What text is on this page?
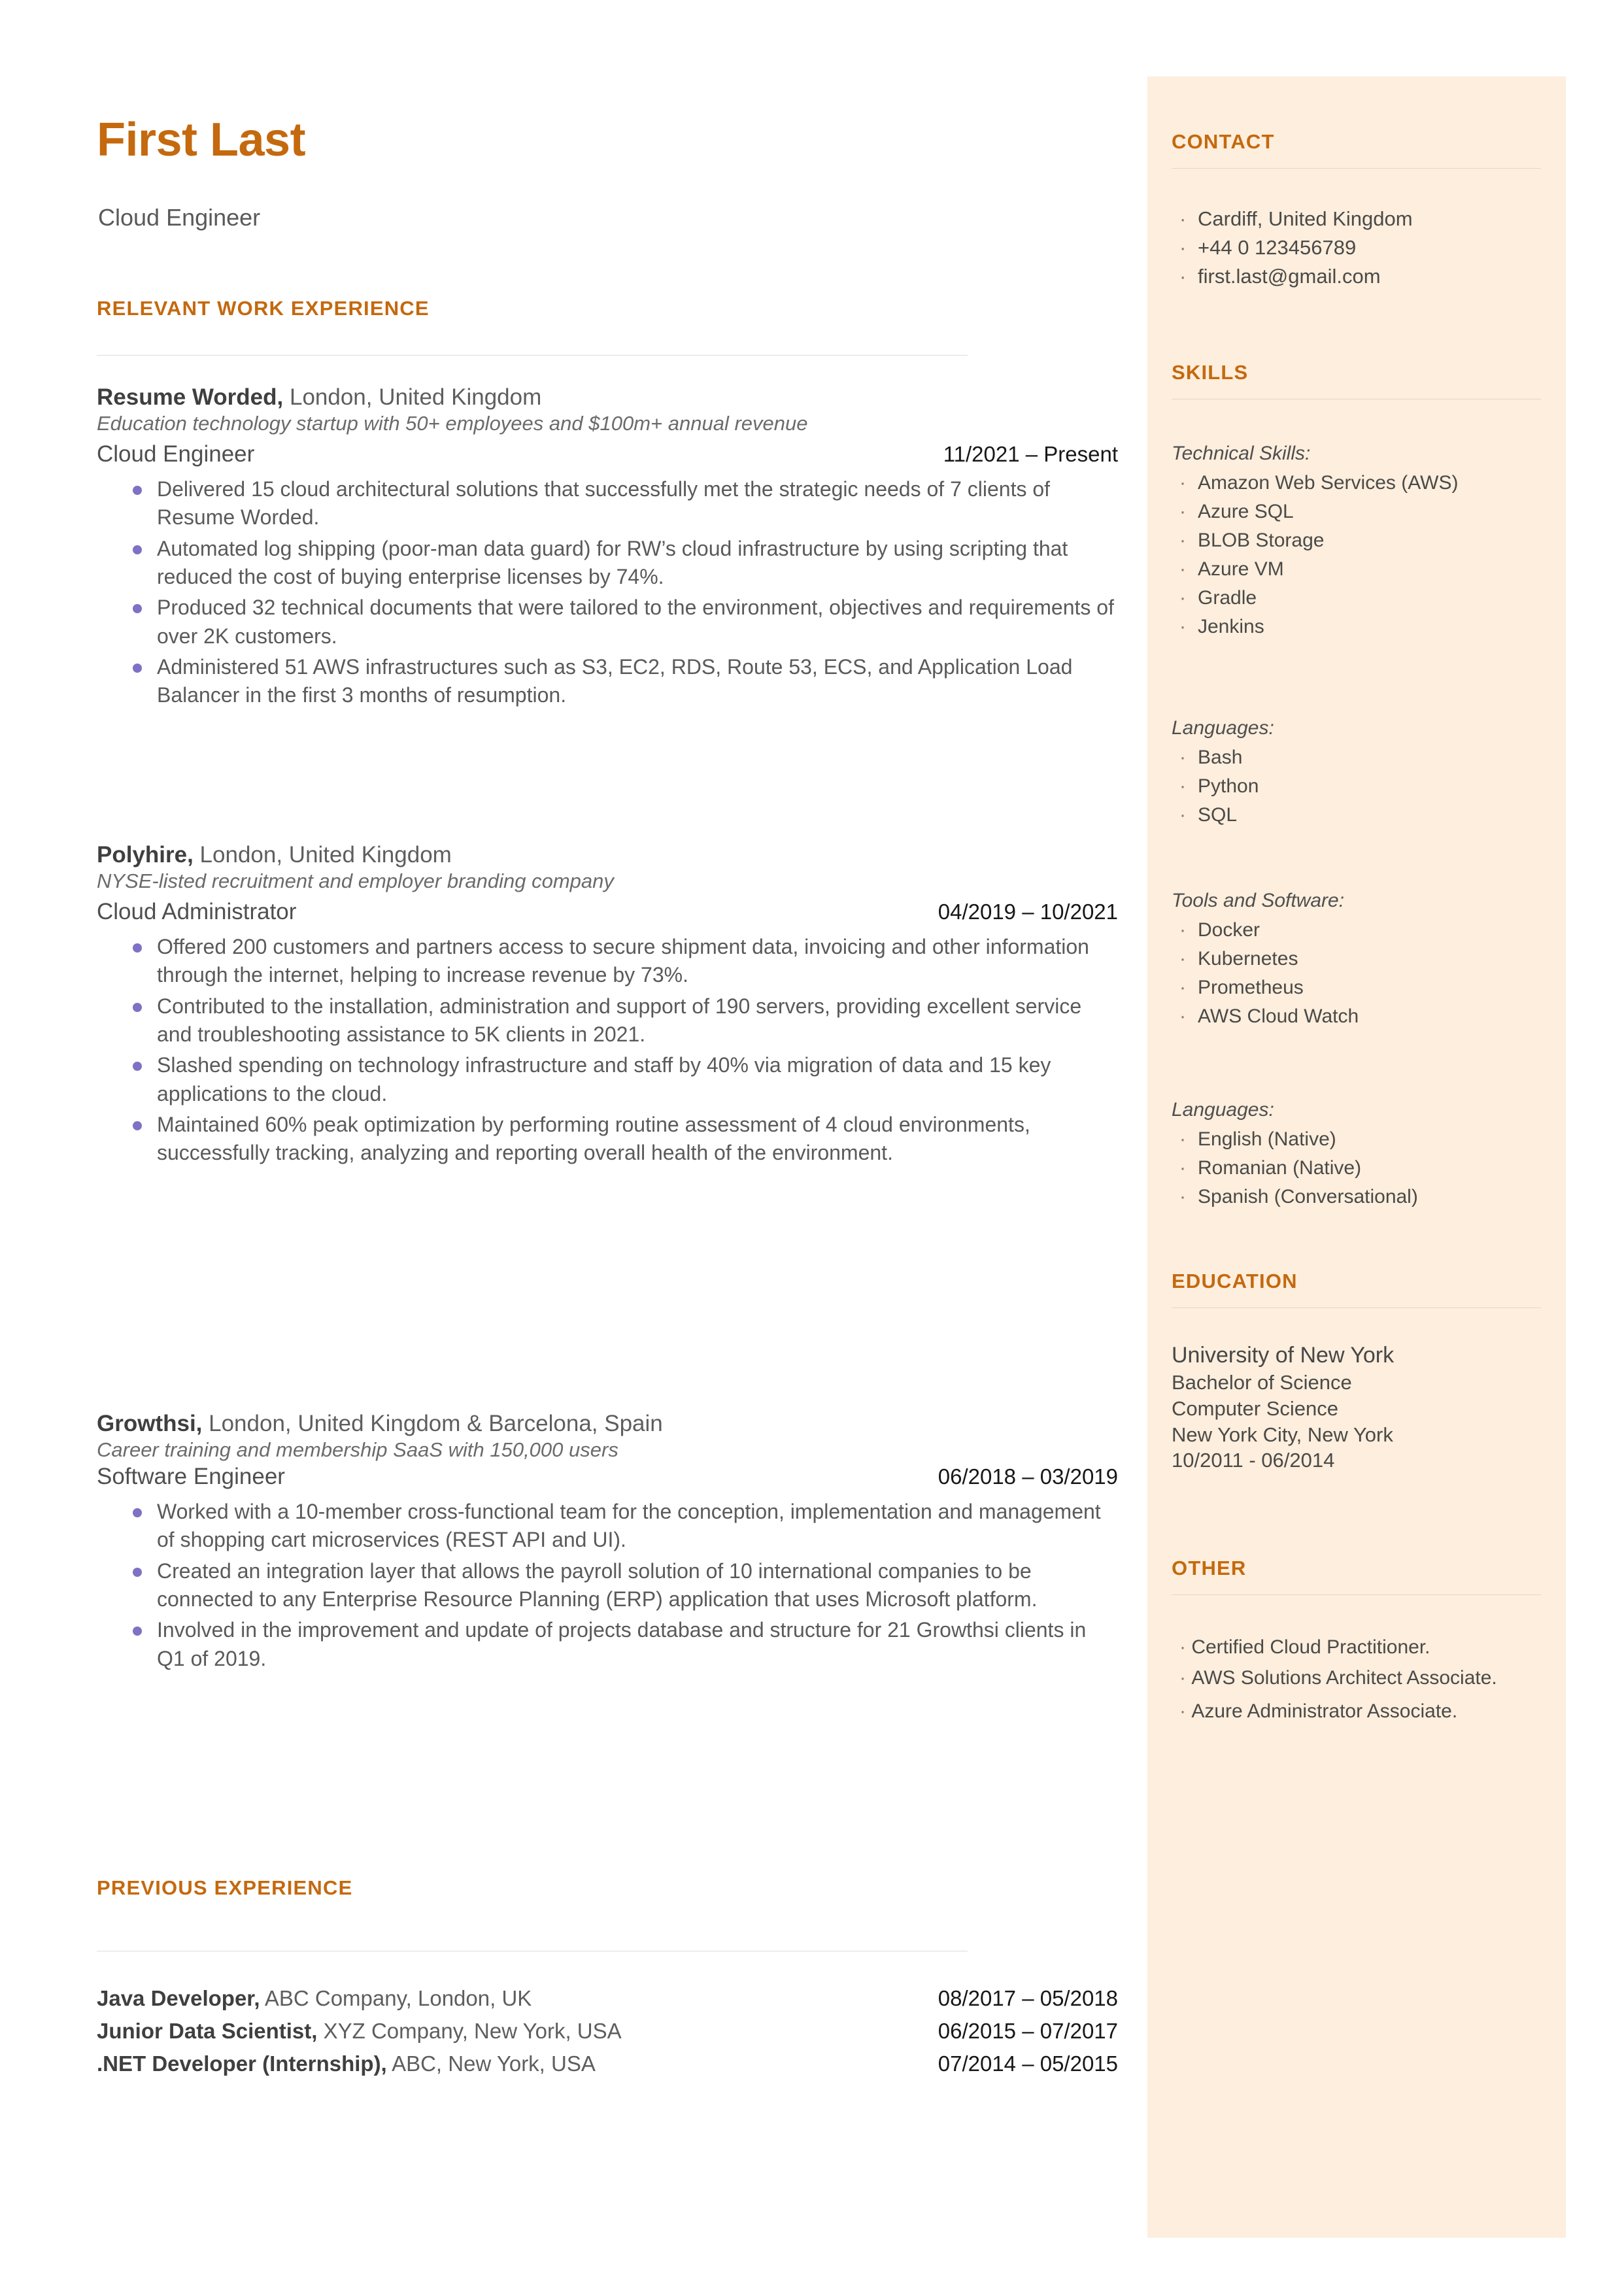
CONTACT
· Cardiff, United Kingdom
· +44 0 123456789
· first.last@gmail.com
SKILLS
Technical Skills:
· Amazon Web Services (AWS)
· Azure SQL
· BLOB Storage
· Azure VM
· Gradle
· Jenkins
Languages:
· Bash
· Python
· SQL
Tools and Software:
· Docker
· Kubernetes
· Prometheus
· AWS Cloud Watch
Languages:
· English (Native)
· Romanian (Native)
· Spanish (Conversational)
EDUCATION
University of New York
Bachelor of Science
Computer Science
New York City, New York
10/2011 - 06/2014
OTHER
· Certified Cloud Practitioner.
· AWS Solutions Architect Associate.
· Azure Administrator Associate.
First Last
Cloud Engineer
RELEVANT WORK EXPERIENCE
Resume Worded, London, United Kingdom
Education technology startup with 50+ employees and $100m+ annual revenue
Cloud Engineer	11/2021 – Present
Delivered 15 cloud architectural solutions that successfully met the strategic needs of 7 clients of Resume Worded.
Automated log shipping (poor-man data guard) for RW’s cloud infrastructure by using scripting that reduced the cost of buying enterprise licenses by 74%.
Produced 32 technical documents that were tailored to the environment, objectives and requirements of over 2K customers.
Administered 51 AWS infrastructures such as S3, EC2, RDS, Route 53, ECS, and Application Load Balancer in the first 3 months of resumption.
Polyhire, London, United Kingdom
NYSE-listed recruitment and employer branding company
Cloud Administrator	04/2019 – 10/2021
Offered 200 customers and partners access to secure shipment data, invoicing and other information through the internet, helping to increase revenue by 73%.
Contributed to the installation, administration and support of 190 servers, providing excellent service and troubleshooting assistance to 5K clients in 2021.
Slashed spending on technology infrastructure and staff by 40% via migration of data and 15 key applications to the cloud.
Maintained 60% peak optimization by performing routine assessment of 4 cloud environments, successfully tracking, analyzing and reporting overall health of the environment.
Growthsi, London, United Kingdom & Barcelona, Spain
Career training and membership SaaS with 150,000 users
Software Engineer	06/2018 – 03/2019
Worked with a 10-member cross-functional team for the conception, implementation and management of shopping cart microservices (REST API and UI).
Created an integration layer that allows the payroll solution of 10 international companies to be connected to any Enterprise Resource Planning (ERP) application that uses Microsoft platform.
Involved in the improvement and update of projects database and structure for 21 Growthsi clients in Q1 of 2019.
PREVIOUS EXPERIENCE
Java Developer, ABC Company, London, UK	08/2017 – 05/2018
Junior Data Scientist, XYZ Company, New York, USA	06/2015 – 07/2017
.NET Developer (Internship), ABC, New York, USA	07/2014 – 05/2015
